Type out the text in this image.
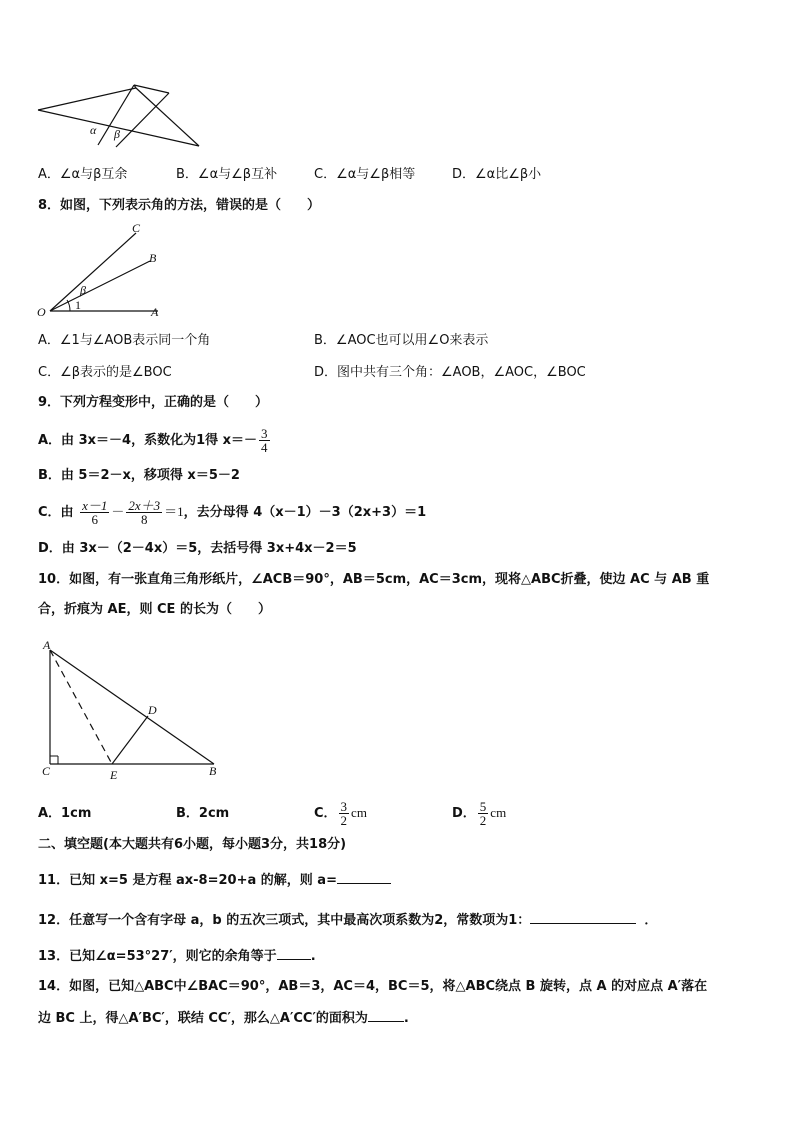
α β
A．∠α与β互余	B．∠α与∠β互补	C．∠α与∠β相等	D．∠α比∠β小
8．如图，下列表示角的方法，错误的是（　　）
C
B
O	A
β
1
A．∠1与∠AOB表示同一个角	B．∠AOC也可以用∠O来表示
C．∠β表示的是∠BOC	D．图中共有三个角：∠AOB，∠AOC，∠BOC
9．下列方程变形中，正确的是（　　）
A．由 3x＝－4，系数化为1得 $x=- \frac{3}{4}$
B．由 5＝2－x，移项得 x＝5－2
C．由 $\frac{x-1}{6} - \frac{2x+3}{8} =1$，去分母得 4（x－1）－3（2x+3）＝1
D．由 3x－（2－4x）＝5，去括号得 3x+4x－2＝5
10．如图，有一张直角三角形纸片，∠ACB＝90°，AB＝5cm，AC＝3cm，现将△ABC折叠，使边 AC 与 AB 重
合，折痕为 AE，则 CE 的长为（　　）
A
D
C	E	B
A．1cm	B．2cm	C． $\frac{3}{2}$ cm	D． $\frac{5}{2}$ cm
二、填空题(本大题共有6小题，每小题3分，共18分)
11．已知 x=5 是方程 ax-8=20+a 的解，则 a=
12．任意写一个含有字母 a，b 的五次三项式，其中最高次项系数为2，常数项为1：	．
13．已知∠α=53°27′，则它的余角等于	.
14．如图，已知△ABC中∠BAC＝90°，AB＝3，AC＝4，BC＝5，将△ABC绕点 B 旋转，点 A 的对应点 A′落在
边 BC 上，得△A′BC′，联结 CC′，那么△A′CC′的面积为	.
